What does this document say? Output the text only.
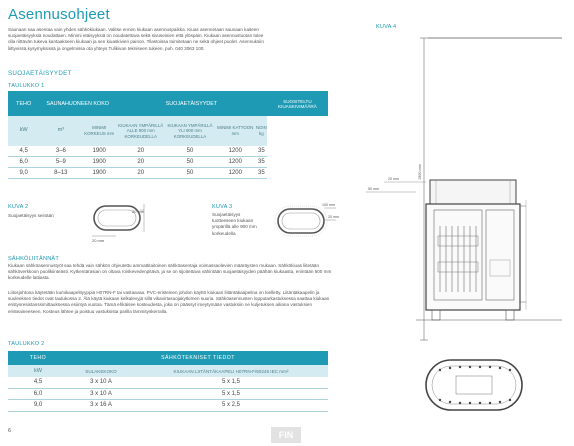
Asennusohjeet
Saunaan saa asentaa vain yhden sähkökiukaan. Valitse ennen kiukaan asennuspaikka. Kiuas asennetaan saunaan kaiteen suojaetäisyyksiä noudattaen. Minimi etäisyyksiä on noudatettava sekä sivuseinien että ylöspäin. Kiukaan asennustuotan tulee olla riittävän tukeva kantaakseen kiukaan ja sen kiuaskivien painon. Tilastoissa toimitetaan ne sekä ohjeet puolet. Asennuksiin liittyvissä kysymyksissä ja ongelmissa ota yhteys Tulikivan tekniseen tukeen, puh. 040 3063 100.
SUOJAETÄISYYDET
TAULUKKO 1
TEHO	SAUNAHUONEEN KOKO		SUOJAETÄISYYDET				SUOSITELTU KIUASKIVIMÄÄRÄ
kW	m³	MINIMI KORKEUS mm	KIUKAAN YMPÄRILLÄ ALLE 900 mm KORKEUDELLA	KIUKAAN YMPÄRILLÄ YLI 900 mm KORKEUDELLA	MINIMI KATTOON mm	NOIN kg	
4,5	3–6	1900	20	50	1200	35	
6,0	5–9	1900	20	50	1200	35	
9,0	8–13	1900	20	50	1200	35	
KUVA 2
Suojaetäisyys seinään
20 mm
20 mm
KUVA 3
Suojaetäisyys
tuotteeseen kiukaan
ympärillä alle 900 mm
korkeudella
100 mm
20 mm
SÄHKÖLIITÄNNÄT
Kiukaan sähköasennustyöt saa tehdä vain sähkön ohjeutettu ammattitaitoinen sähköasentaja voimassaolevien määräysten mukaan. Sähkökiuas liitetään sähköverkkoon puolikiinteästi. Kytkentärasian on oltava roiskevedenpitävä, ja se on sijoitettava vähintään suojaetäisyyden päähän kiukaasta, enintään 500 mm korkeudelle lattiasta.
Liitosjohtona käytetään kumikaapelityyppiä H07RN-F tai vastaavaa. PVC-eristeinen johdon käyttö kiukaan liitäntäkaapelina on kielletty. Liitäntäkaapelin ja suuleeksen tiedot ovat taulukossa 2. Älä käytä kiukaan kelkalevyjä sillä vikavirtasuojakytkimen suuria. Sähköasennusten lopputarkastuksessa saattaa kiukaan eristysresistanssimittauksessa esiintyä vuotoa. Tämä ehkäisee kosteudesta, joka on päässyt imeytymään vastuksiin ne kuljetuksen aikana vastuksien eristeaineeseen. Kosteus lähtee ja poistuu vastuksista parilla lämmityskerralla.
TAULUKKO 2
TEHO	SÄHKÖTEKNISET TIEDOT	
kW	SULAKEKOKO	KIUKAAN LIITÄNTÄKAAPELI H07RN-F/60245 IEC mm²
4,5	3 x 10 A	5 x 1,5
6,0	3 x 10 A	5 x 1,5
9,0	3 x 16 A	5 x 2,5
6	FIN
KUVA 4
1900 mm
50 mm
20 mm
